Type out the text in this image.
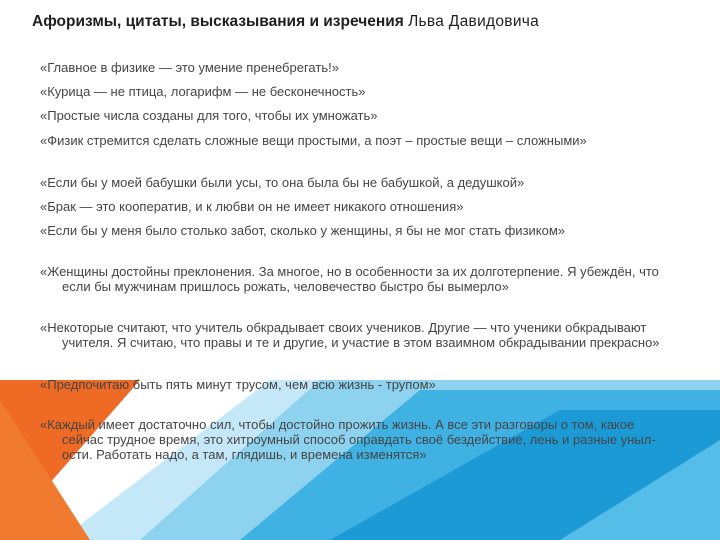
Афоризмы, цитаты, высказывания и изречения Льва Давидовича
«Главное в физике — это умение пренебрегать!»
«Курица — не птица, логарифм — не бесконечность»
«Простые числа созданы для того, чтобы их умножать»
«Физик стремится сделать сложные вещи простыми, а поэт – простые вещи – сложными»
«Если бы у моей бабушки были усы, то она была бы не бабушкой, а дедушкой»
«Брак — это кооператив, и к любви он не имеет никакого отношения»
«Если бы у меня было столько забот, сколько у женщины, я бы не мог стать физиком»
«Женщины достойны преклонения. За многое, но в особенности за их долготерпение. Я убеждён, что если бы мужчинам пришлось рожать, человечество быстро бы вымерло»
«Некоторые считают, что учитель обкрадывает своих учеников. Другие — что ученики обкрадывают учителя. Я считаю, что правы и те и другие, и участие в этом взаимном обкрадывании прекрасно»
«Предпочитаю быть пять минут трусом, чем всю жизнь - трупом»
«Каждый имеет достаточно сил, чтобы достойно прожить жизнь. А все эти разговоры о том, какое сейчас трудное время, это хитроумный способ оправдать своё бездействие, лень и разные унылости. Работать надо, а там, глядишь, и времена изменятся»
